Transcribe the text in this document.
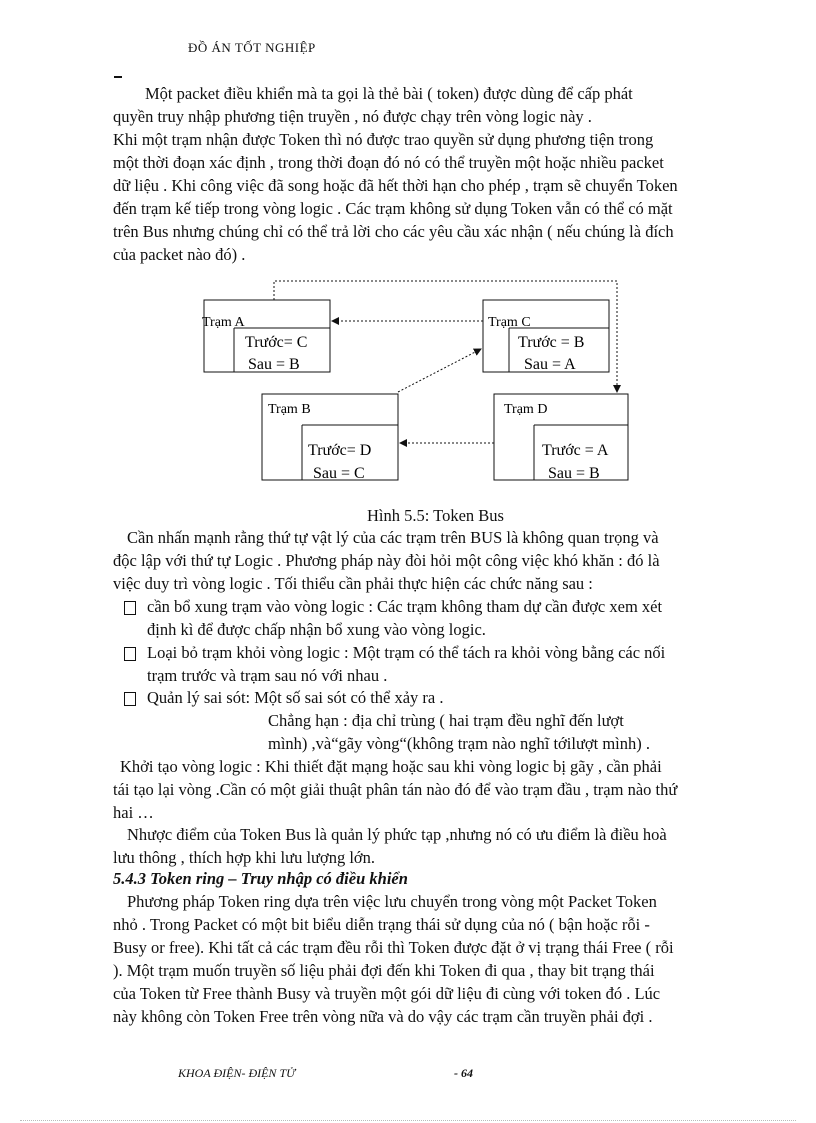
ĐỒ ÁN TỐT NGHIỆP
Một packet điều khiển mà ta gọi là thẻ bài ( token) được dùng để cấp phát
quyền truy nhập phương tiện truyền , nó được chạy trên vòng logic này .
Khi một trạm nhận được Token thì nó được trao quyền sử dụng phương tiện trong
một thời đoạn xác định , trong thời đoạn đó nó có thể truyền một hoặc nhiều packet
dữ liệu . Khi công việc đã song hoặc đã hết thời hạn cho phép , trạm sẽ chuyển Token
đến trạm kế tiếp trong vòng logic . Các trạm không sử dụng Token vẫn có thể có mặt
trên Bus nhưng chúng chỉ có thể trả lời cho các yêu cầu xác nhận ( nếu chúng là đích
của packet nào đó) .
Trạm A
Trước= C
Sau = B
Trạm C
Trước = B
Sau = A
Trạm B
Trước= D
Sau = C
Trạm D
Trước = A
Sau = B
Hình 5.5: Token Bus
Cần nhấn mạnh rằng thứ tự vật lý của các trạm trên BUS là không quan trọng và
độc lập với thứ tự Logic . Phương pháp này đòi hỏi một công việc khó khăn : đó là
việc duy trì vòng logic . Tối thiểu cần phải thực hiện các chức năng sau :
cần bổ xung trạm vào vòng logic : Các trạm không tham dự cần được xem xét
định kì để được chấp nhận bổ xung vào vòng logic.
Loại bỏ trạm khỏi vòng logic : Một trạm có thể tách ra khỏi vòng bằng các nối
trạm trước và trạm sau nó với nhau .
Quản lý sai sót: Một số sai sót có thể xảy ra .
Chẳng hạn : địa chỉ trùng ( hai trạm đều nghĩ đến lượt
mình) ,và“gãy vòng“(không trạm nào nghĩ tớilượt mình) .
Khởi tạo vòng logic : Khi thiết đặt mạng hoặc sau khi vòng logic bị gãy , cần phải
tái tạo lại vòng .Cần có một giải thuật phân tán nào đó để vào trạm đầu , trạm nào thứ
hai …
Nhược điểm của Token Bus là quản lý phức tạp ,nhưng nó có ưu điểm là điều hoà
lưu thông , thích hợp khi lưu lượng lớn.
5.4.3 Token ring – Truy nhập có điều khiển
Phương pháp Token ring dựa trên việc lưu chuyển trong vòng một Packet Token
nhỏ . Trong Packet có một bit biểu diễn trạng thái sử dụng của nó ( bận hoặc rỗi -
Busy or free). Khi tất cả các trạm đều rỗi thì Token được đặt ở vị trạng thái Free ( rỗi
). Một trạm muốn truyền số liệu phải đợi đến khi Token đi qua , thay bit trạng thái
của Token từ Free thành Busy và truyền một gói dữ liệu đi cùng với token đó . Lúc
này không còn Token Free trên vòng nữa và do vậy các trạm cần truyền phải đợi .
KHOA ĐIỆN- ĐIỆN TỬ	- 64
